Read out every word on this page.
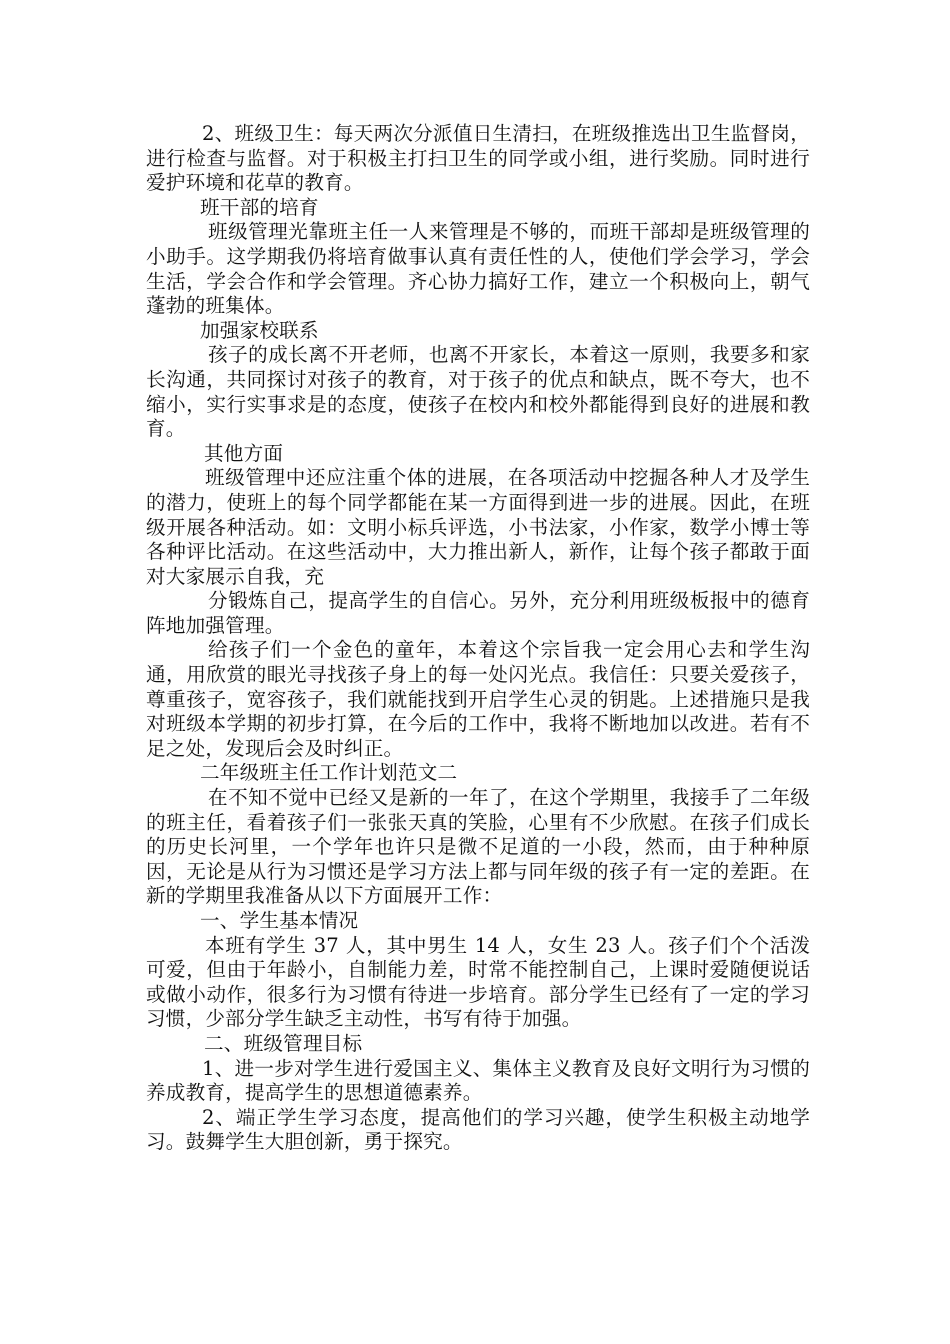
2、班级卫生：每天两次分派值日生清扫，在班级推选出卫生监督岗，进行检查与监督。对于积极主打扫卫生的同学或小组，进行奖励。同时进行爱护环境和花草的教育。

班干部的培育

班级管理光靠班主任一人来管理是不够的，而班干部却是班级管理的小助手。这学期我仍将培育做事认真有责任性的人，使他们学会学习，学会生活，学会合作和学会管理。齐心协力搞好工作，建立一个积极向上，朝气蓬勃的班集体。

加强家校联系

孩子的成长离不开老师，也离不开家长，本着这一原则，我要多和家长沟通，共同探讨对孩子的教育，对于孩子的优点和缺点，既不夸大，也不缩小，实行实事求是的态度，使孩子在校内和校外都能得到良好的进展和教育。

其他方面

班级管理中还应注重个体的进展，在各项活动中挖掘各种人才及学生的潜力，使班上的每个同学都能在某一方面得到进一步的进展。因此，在班级开展各种活动。如：文明小标兵评选，小书法家，小作家，数学小博士等各种评比活动。在这些活动中，大力推出新人，新作，让每个孩子都敢于面对大家展示自我，充

分锻炼自己，提高学生的自信心。另外，充分利用班级板报中的德育阵地加强管理。

给孩子们一个金色的童年，本着这个宗旨我一定会用心去和学生沟通，用欣赏的眼光寻找孩子身上的每一处闪光点。我信任：只要关爱孩子，尊重孩子，宽容孩子，我们就能找到开启学生心灵的钥匙。上述措施只是我对班级本学期的初步打算，在今后的工作中，我将不断地加以改进。若有不足之处，发现后会及时纠正。

二年级班主任工作计划范文二

在不知不觉中已经又是新的一年了，在这个学期里，我接手了二年级的班主任，看着孩子们一张张天真的笑脸，心里有不少欣慰。在孩子们成长的历史长河里，一个学年也许只是微不足道的一小段，然而，由于种种原因，无论是从行为习惯还是学习方法上都与同年级的孩子有一定的差距。在新的学期里我准备从以下方面展开工作：

一、学生基本情况

本班有学生 37 人，其中男生 14 人，女生 23 人。孩子们个个活泼可爱，但由于年龄小，自制能力差，时常不能控制自己，上课时爱随便说话或做小动作，很多行为习惯有待进一步培育。部分学生已经有了一定的学习习惯，少部分学生缺乏主动性，书写有待于加强。

二、班级管理目标

1、进一步对学生进行爱国主义、集体主义教育及良好文明行为习惯的养成教育，提高学生的思想道德素养。

2、端正学生学习态度，提高他们的学习兴趣，使学生积极主动地学习。鼓舞学生大胆创新，勇于探究。
